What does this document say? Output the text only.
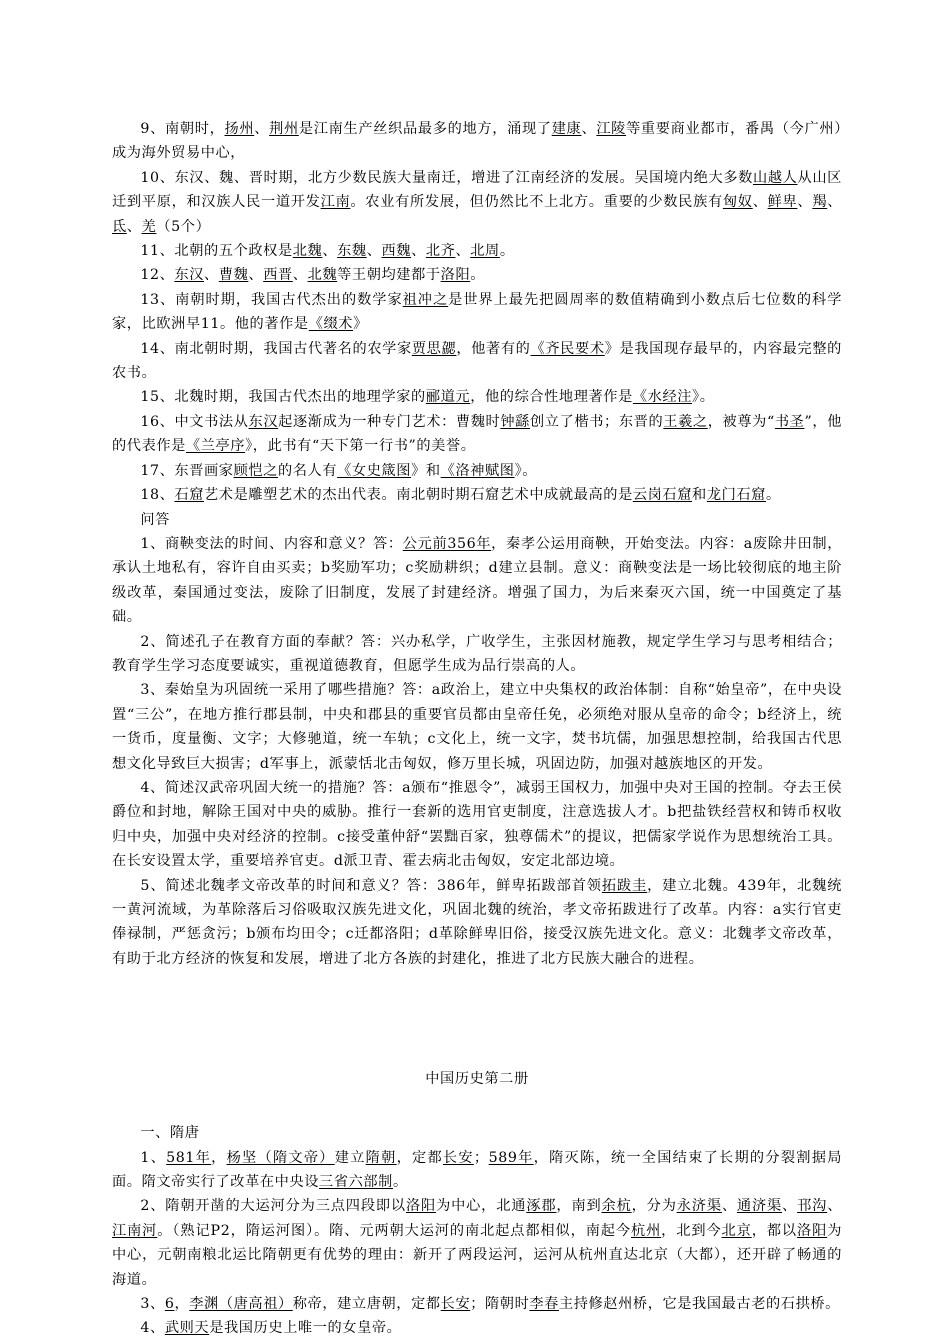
9、南朝时，扬州、荆州是江南生产丝织品最多的地方，涌现了建康、江陵等重要商业都市，番禺（今广州）成为海外贸易中心，

10、东汉、魏、晋时期，北方少数民族大量南迁，增进了江南经济的发展。吴国境内绝大多数山越人从山区迁到平原，和汉族人民一道开发江南。农业有所发展，但仍然比不上北方。重要的少数民族有匈奴、鲜卑、羯、氐、羌（5个）

11、北朝的五个政权是北魏、东魏、西魏、北齐、北周。

12、东汉、曹魏、西晋、北魏等王朝均建都于洛阳。

13、南朝时期，我国古代杰出的数学家祖冲之是世界上最先把圆周率的数值精确到小数点后七位数的科学家，比欧洲早11。他的著作是《缀术》

14、南北朝时期，我国古代著名的农学家贾思勰，他著有的《齐民要术》是我国现存最早的，内容最完整的农书。

15、北魏时期，我国古代杰出的地理学家的郦道元，他的综合性地理著作是《水经注》。

16、中文书法从东汉起逐渐成为一种专门艺术：曹魏时钟繇创立了楷书；东晋的王羲之，被尊为“书圣”，他的代表作是《兰亭序》，此书有“天下第一行书”的美誉。

17、东晋画家顾恺之的名人有《女史箴图》和《洛神赋图》。

18、石窟艺术是雕塑艺术的杰出代表。南北朝时期石窟艺术中成就最高的是云岗石窟和龙门石窟。

问答

1、商鞅变法的时间、内容和意义？答：公元前356年，秦孝公运用商鞅，开始变法。内容：a废除井田制，承认土地私有，容许自由买卖；b奖励军功；c奖励耕织；d建立县制。意义：商鞅变法是一场比较彻底的地主阶级改革，秦国通过变法，废除了旧制度，发展了封建经济。增强了国力，为后来秦灭六国，统一中国奠定了基础。

2、简述孔子在教育方面的奉献？答：兴办私学，广收学生，主张因材施教，规定学生学习与思考相结合；教育学生学习态度要诚实，重视道德教育，但愿学生成为品行崇高的人。

3、秦始皇为巩固统一采用了哪些措施？答：a政治上，建立中央集权的政治体制：自称“始皇帝”，在中央设置“三公”，在地方推行郡县制，中央和郡县的重要官员都由皇帝任免，必须绝对服从皇帝的命令；b经济上，统一货币，度量衡、文字；大修驰道，统一车轨；c文化上，统一文字，焚书坑儒，加强思想控制，给我国古代思想文化导致巨大损害；d军事上，派蒙恬北击匈奴，修万里长城，巩固边防，加强对越族地区的开发。

4、简述汉武帝巩固大统一的措施？答：a颁布“推恩令”，减弱王国权力，加强中央对王国的控制。夺去王侯爵位和封地，解除王国对中央的威胁。推行一套新的选用官吏制度，注意选拔人才。b把盐铁经营权和铸币权收归中央，加强中央对经济的控制。c接受董仲舒“罢黜百家，独尊儒术”的提议，把儒家学说作为思想统治工具。在长安设置太学，重要培养官吏。d派卫青、霍去病北击匈奴，安定北部边境。

5、简述北魏孝文帝改革的时间和意义？答：386年，鲜卑拓跋部首领拓跋圭，建立北魏。439年，北魏统一黄河流域，为革除落后习俗吸取汉族先进文化，巩固北魏的统治，孝文帝拓跋进行了改革。内容：a实行官吏俸禄制，严惩贪污；b颁布均田令；c迁都洛阳；d革除鲜卑旧俗，接受汉族先进文化。意义：北魏孝文帝改革，有助于北方经济的恢复和发展，增进了北方各族的封建化，推进了北方民族大融合的进程。

中国历史第二册

一、隋唐

1、581年，杨坚（隋文帝）建立隋朝，定都长安；589年，隋灭陈，统一全国结束了长期的分裂割据局面。隋文帝实行了改革在中央设三省六部制。

2、隋朝开凿的大运河分为三点四段即以洛阳为中心，北通涿郡，南到余杭，分为永济渠、通济渠、邗沟、江南河。（熟记P2，隋运河图）。隋、元两朝大运河的南北起点都相似，南起今杭州，北到今北京，都以洛阳为中心，元朝南粮北运比隋朝更有优势的理由：新开了两段运河，运河从杭州直达北京（大都），还开辟了畅通的海道。

3、6，李渊（唐高祖）称帝，建立唐朝，定都长安；隋朝时李春主持修赵州桥，它是我国最古老的石拱桥。

4、武则天是我国历史上唯一的女皇帝。
